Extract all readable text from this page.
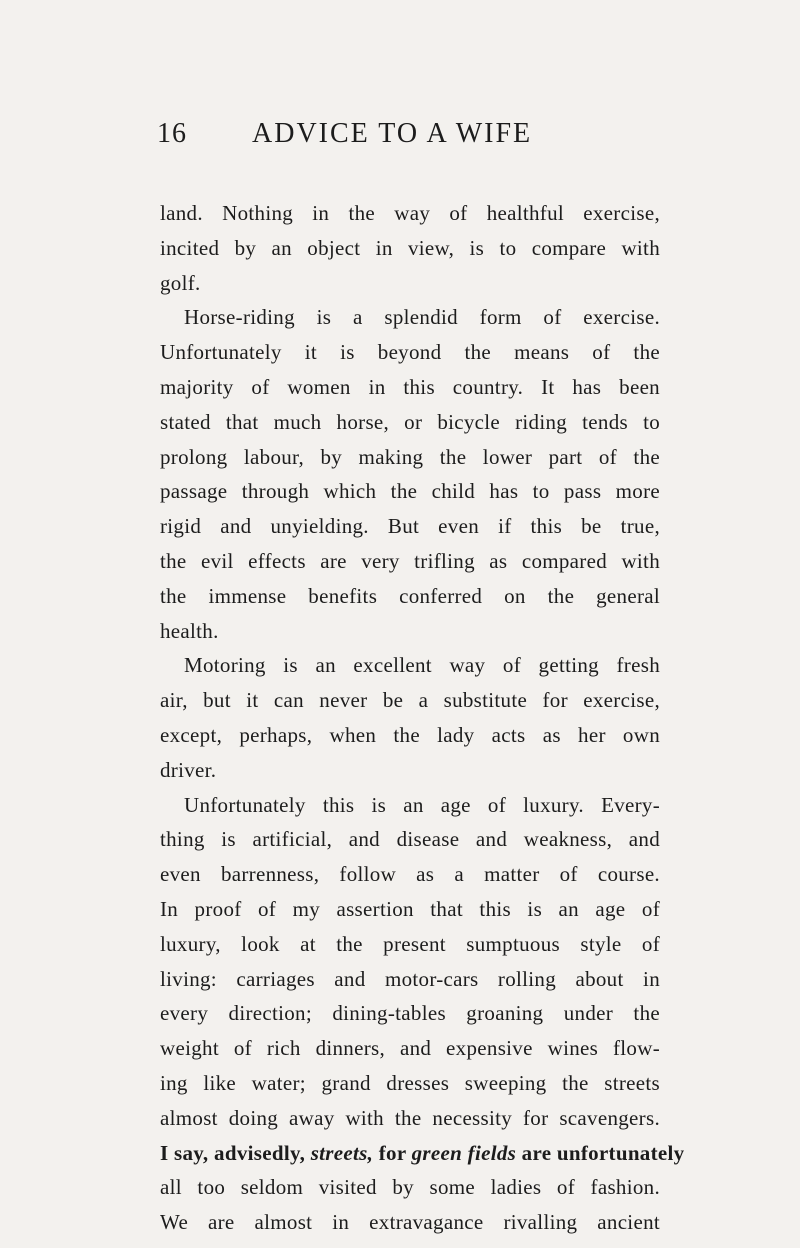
16 ADVICE TO A WIFE
land. Nothing in the way of healthful exercise,
incited by an object in view, is to compare with
golf.
Horse-riding is a splendid form of exercise.
Unfortunately it is beyond the means of the
majority of women in this country. It has been
stated that much horse, or bicycle riding tends to
prolong labour, by making the lower part of the
passage through which the child has to pass more
rigid and unyielding. But even if this be true,
the evil effects are very trifling as compared with
the immense benefits conferred on the general
health.
Motoring is an excellent way of getting fresh
air, but it can never be a substitute for exercise,
except, perhaps, when the lady acts as her own
driver.
Unfortunately this is an age of luxury. Every-
thing is artificial, and disease and weakness, and
even barrenness, follow as a matter of course.
In proof of my assertion that this is an age of
luxury, look at the present sumptuous style of
living: carriages and motor-cars rolling about in
every direction; dining-tables groaning under the
weight of rich dinners, and expensive wines flow-
ing like water; grand dresses sweeping the streets
almost doing away with the necessity for scavengers.
I say, advisedly, streets, for green fields are unfortunately
all too seldom visited by some ladies of fashion.
We are almost in extravagance rivalling ancient
